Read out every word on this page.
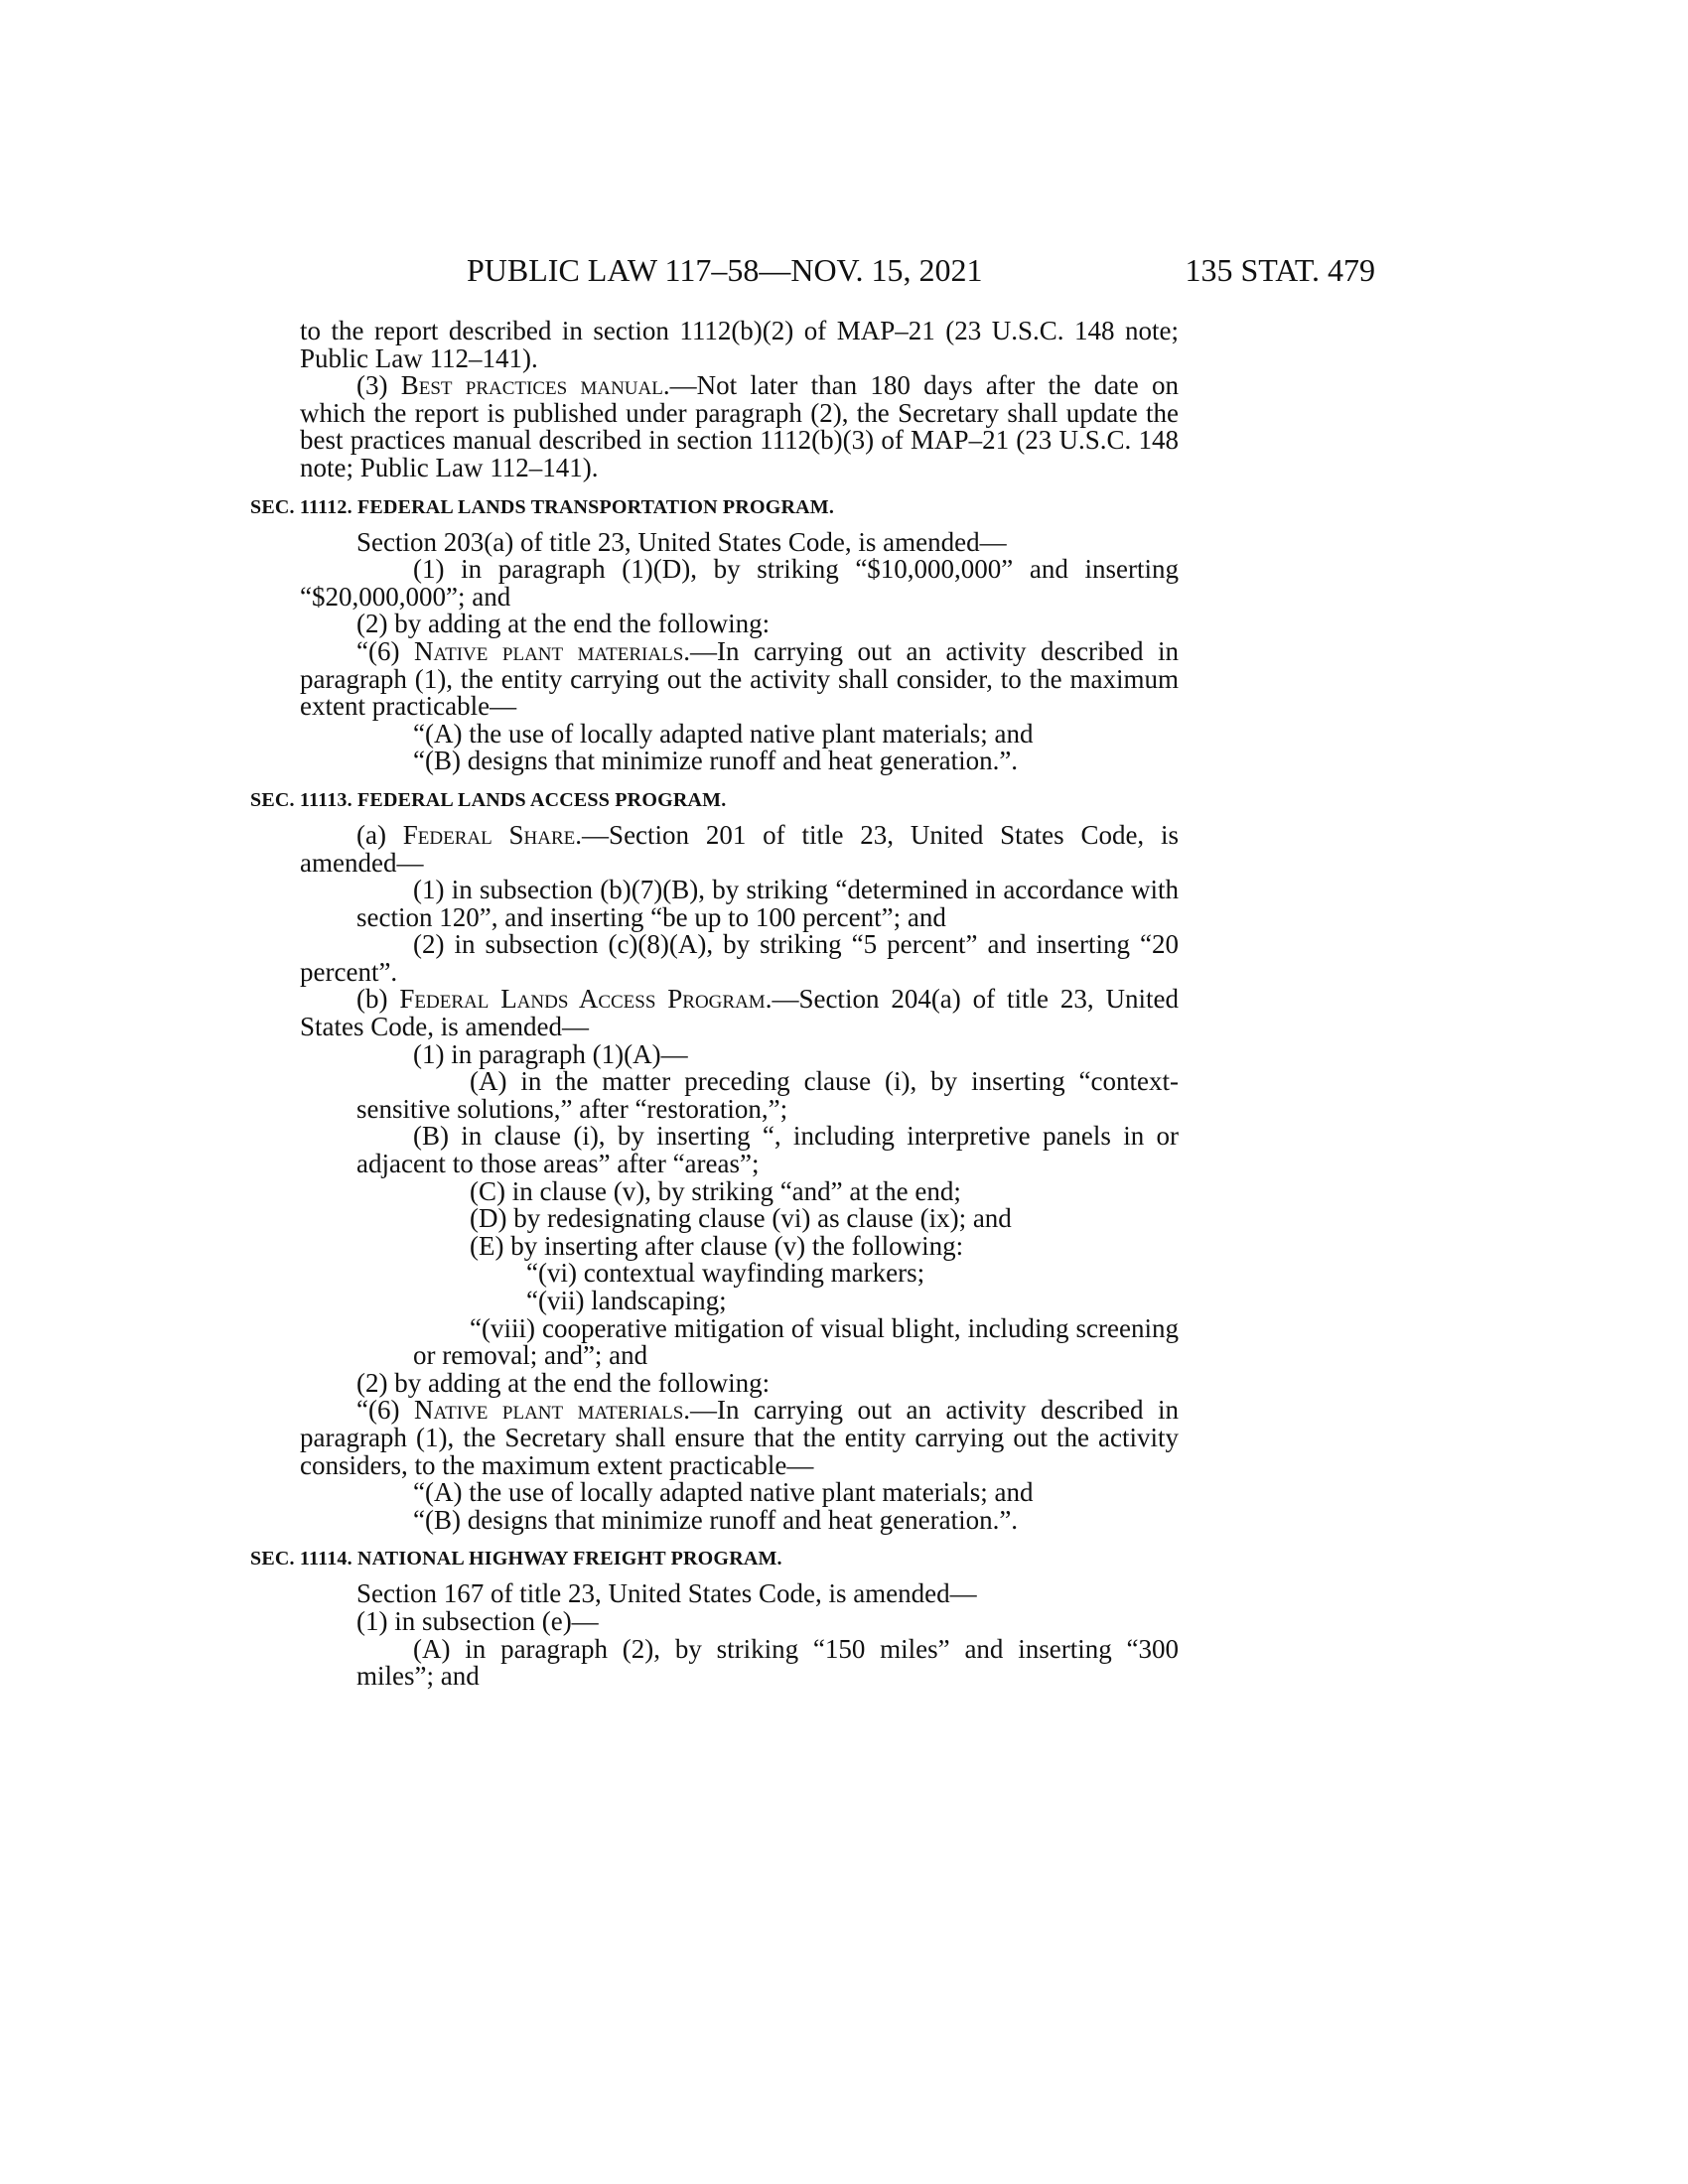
PUBLIC LAW 117–58—NOV. 15, 2021	135 STAT. 479

to the report described in section 1112(b)(2) of MAP–21 (23 U.S.C. 148 note; Public Law 112–141).

(3) Best practices manual.—Not later than 180 days after the date on which the report is published under paragraph (2), the Secretary shall update the best practices manual described in section 1112(b)(3) of MAP–21 (23 U.S.C. 148 note; Public Law 112–141).

SEC. 11112. FEDERAL LANDS TRANSPORTATION PROGRAM.

Section 203(a) of title 23, United States Code, is amended—

(1) in paragraph (1)(D), by striking “$10,000,000” and inserting “$20,000,000”; and

(2) by adding at the end the following:

“(6) Native plant materials.—In carrying out an activity described in paragraph (1), the entity carrying out the activity shall consider, to the maximum extent practicable—

“(A) the use of locally adapted native plant materials; and

“(B) designs that minimize runoff and heat generation.”.

SEC. 11113. FEDERAL LANDS ACCESS PROGRAM.

(a) Federal Share.—Section 201 of title 23, United States Code, is amended—

(1) in subsection (b)(7)(B), by striking “determined in accordance with section 120”, and inserting “be up to 100 percent”; and

(2) in subsection (c)(8)(A), by striking “5 percent” and inserting “20 percent”.

(b) Federal Lands Access Program.—Section 204(a) of title 23, United States Code, is amended—

(1) in paragraph (1)(A)—

(A) in the matter preceding clause (i), by inserting “context-sensitive solutions,” after “restoration,”;

(B) in clause (i), by inserting “, including interpretive panels in or adjacent to those areas” after “areas”;

(C) in clause (v), by striking “and” at the end;

(D) by redesignating clause (vi) as clause (ix); and

(E) by inserting after clause (v) the following:

“(vi) contextual wayfinding markers;

“(vii) landscaping;

“(viii) cooperative mitigation of visual blight, including screening or removal; and”; and

(2) by adding at the end the following:

“(6) Native plant materials.—In carrying out an activity described in paragraph (1), the Secretary shall ensure that the entity carrying out the activity considers, to the maximum extent practicable—

“(A) the use of locally adapted native plant materials; and

“(B) designs that minimize runoff and heat generation.”.

SEC. 11114. NATIONAL HIGHWAY FREIGHT PROGRAM.

Section 167 of title 23, United States Code, is amended—

(1) in subsection (e)—

(A) in paragraph (2), by striking “150 miles” and inserting “300 miles”; and
